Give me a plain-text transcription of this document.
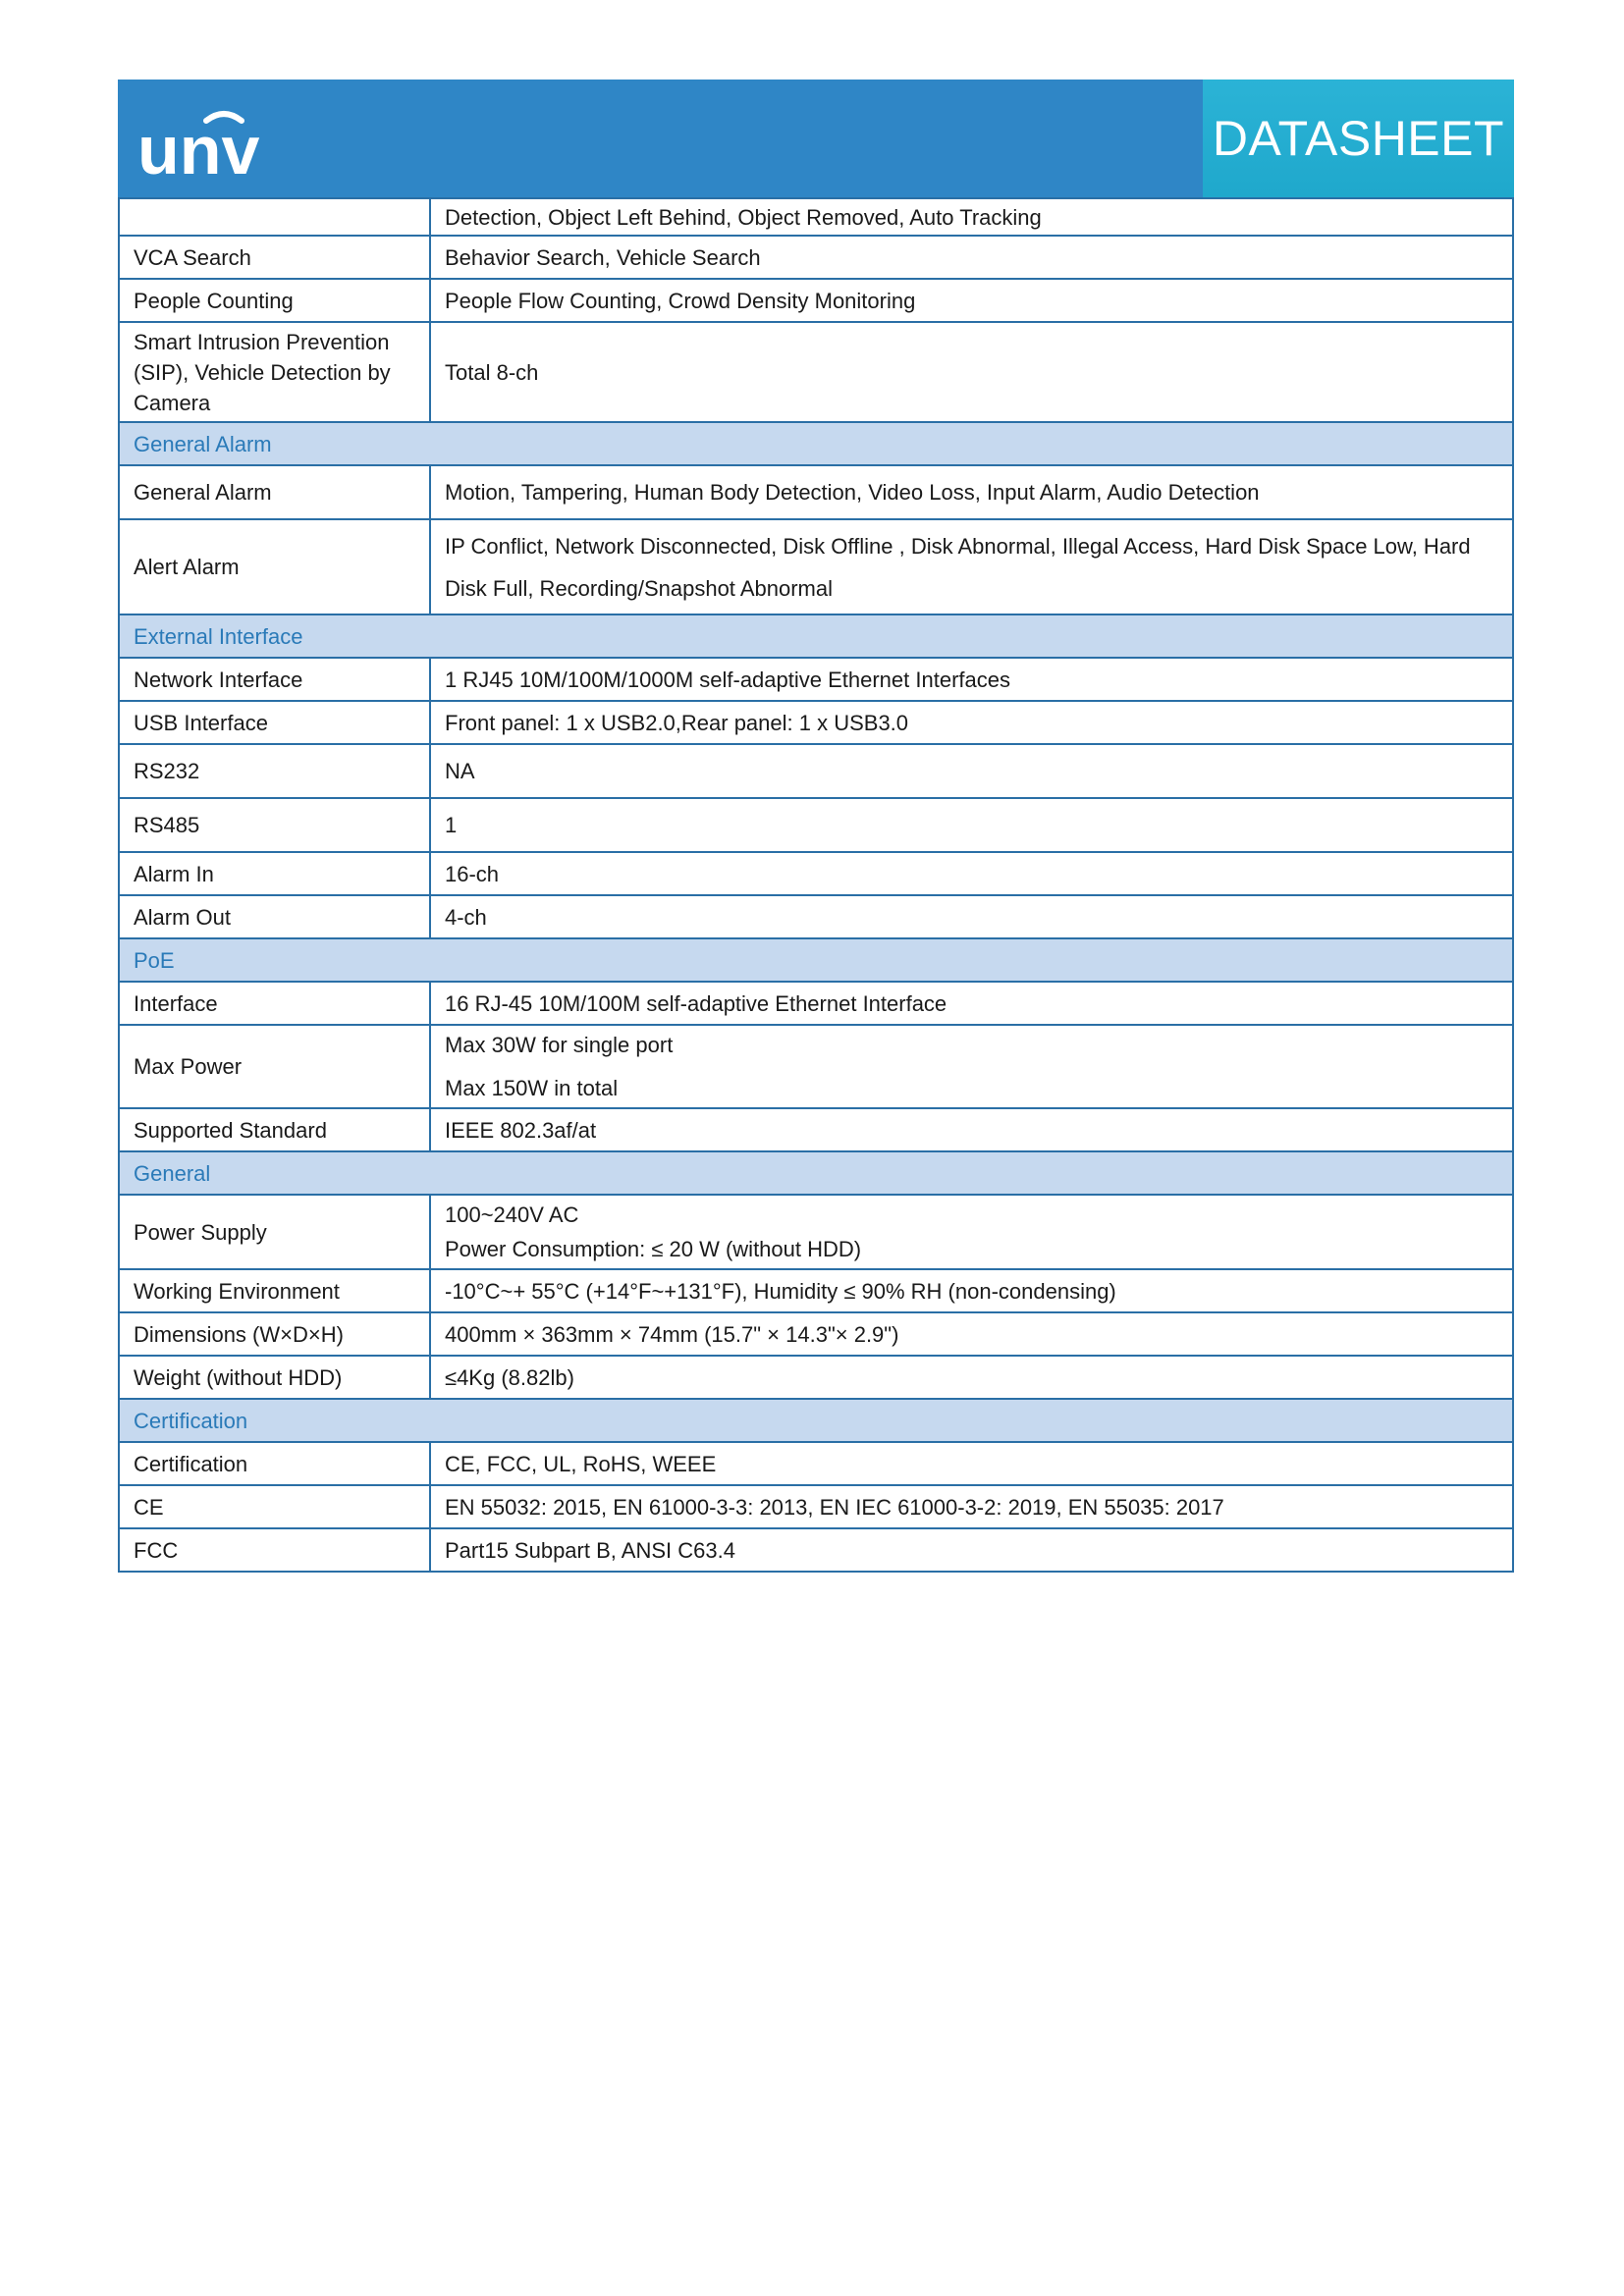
unv	DATASHEET
	Detection, Object Left Behind, Object Removed, Auto Tracking
VCA Search	Behavior Search, Vehicle Search
People Counting	People Flow Counting, Crowd Density Monitoring
Smart Intrusion Prevention (SIP), Vehicle Detection by Camera	Total 8-ch
General Alarm	
General Alarm	Motion, Tampering, Human Body Detection, Video Loss, Input Alarm, Audio Detection
Alert Alarm	IP Conflict, Network Disconnected, Disk Offline , Disk Abnormal, Illegal Access, Hard Disk Space Low, Hard
Disk Full, Recording/Snapshot Abnormal

External Interface	
Network Interface	1 RJ45 10M/100M/1000M self-adaptive Ethernet Interfaces
USB Interface	Front panel: 1 x USB2.0,Rear panel: 1 x USB3.0
RS232	NA
RS485	1
Alarm In	16-ch
Alarm Out	4-ch
PoE	
Interface	16 RJ-45 10M/100M self-adaptive Ethernet Interface
Max Power	Max 30W for single port
Max 150W in total

Supported Standard	IEEE 802.3af/at
General	
Power Supply	100~240V AC
Power Consumption: ≤ 20 W (without HDD)

Working Environment	-10°C~+ 55°C (+14°F~+131°F), Humidity ≤ 90% RH (non-condensing)
Dimensions (W×D×H)	400mm × 363mm × 74mm (15.7" × 14.3"× 2.9")
Weight (without HDD)	≤4Kg (8.82lb)
Certification	
Certification	CE, FCC, UL, RoHS, WEEE
CE	EN 55032: 2015, EN 61000-3-3: 2013, EN IEC 61000-3-2: 2019, EN 55035: 2017
FCC	Part15 Subpart B, ANSI C63.4
